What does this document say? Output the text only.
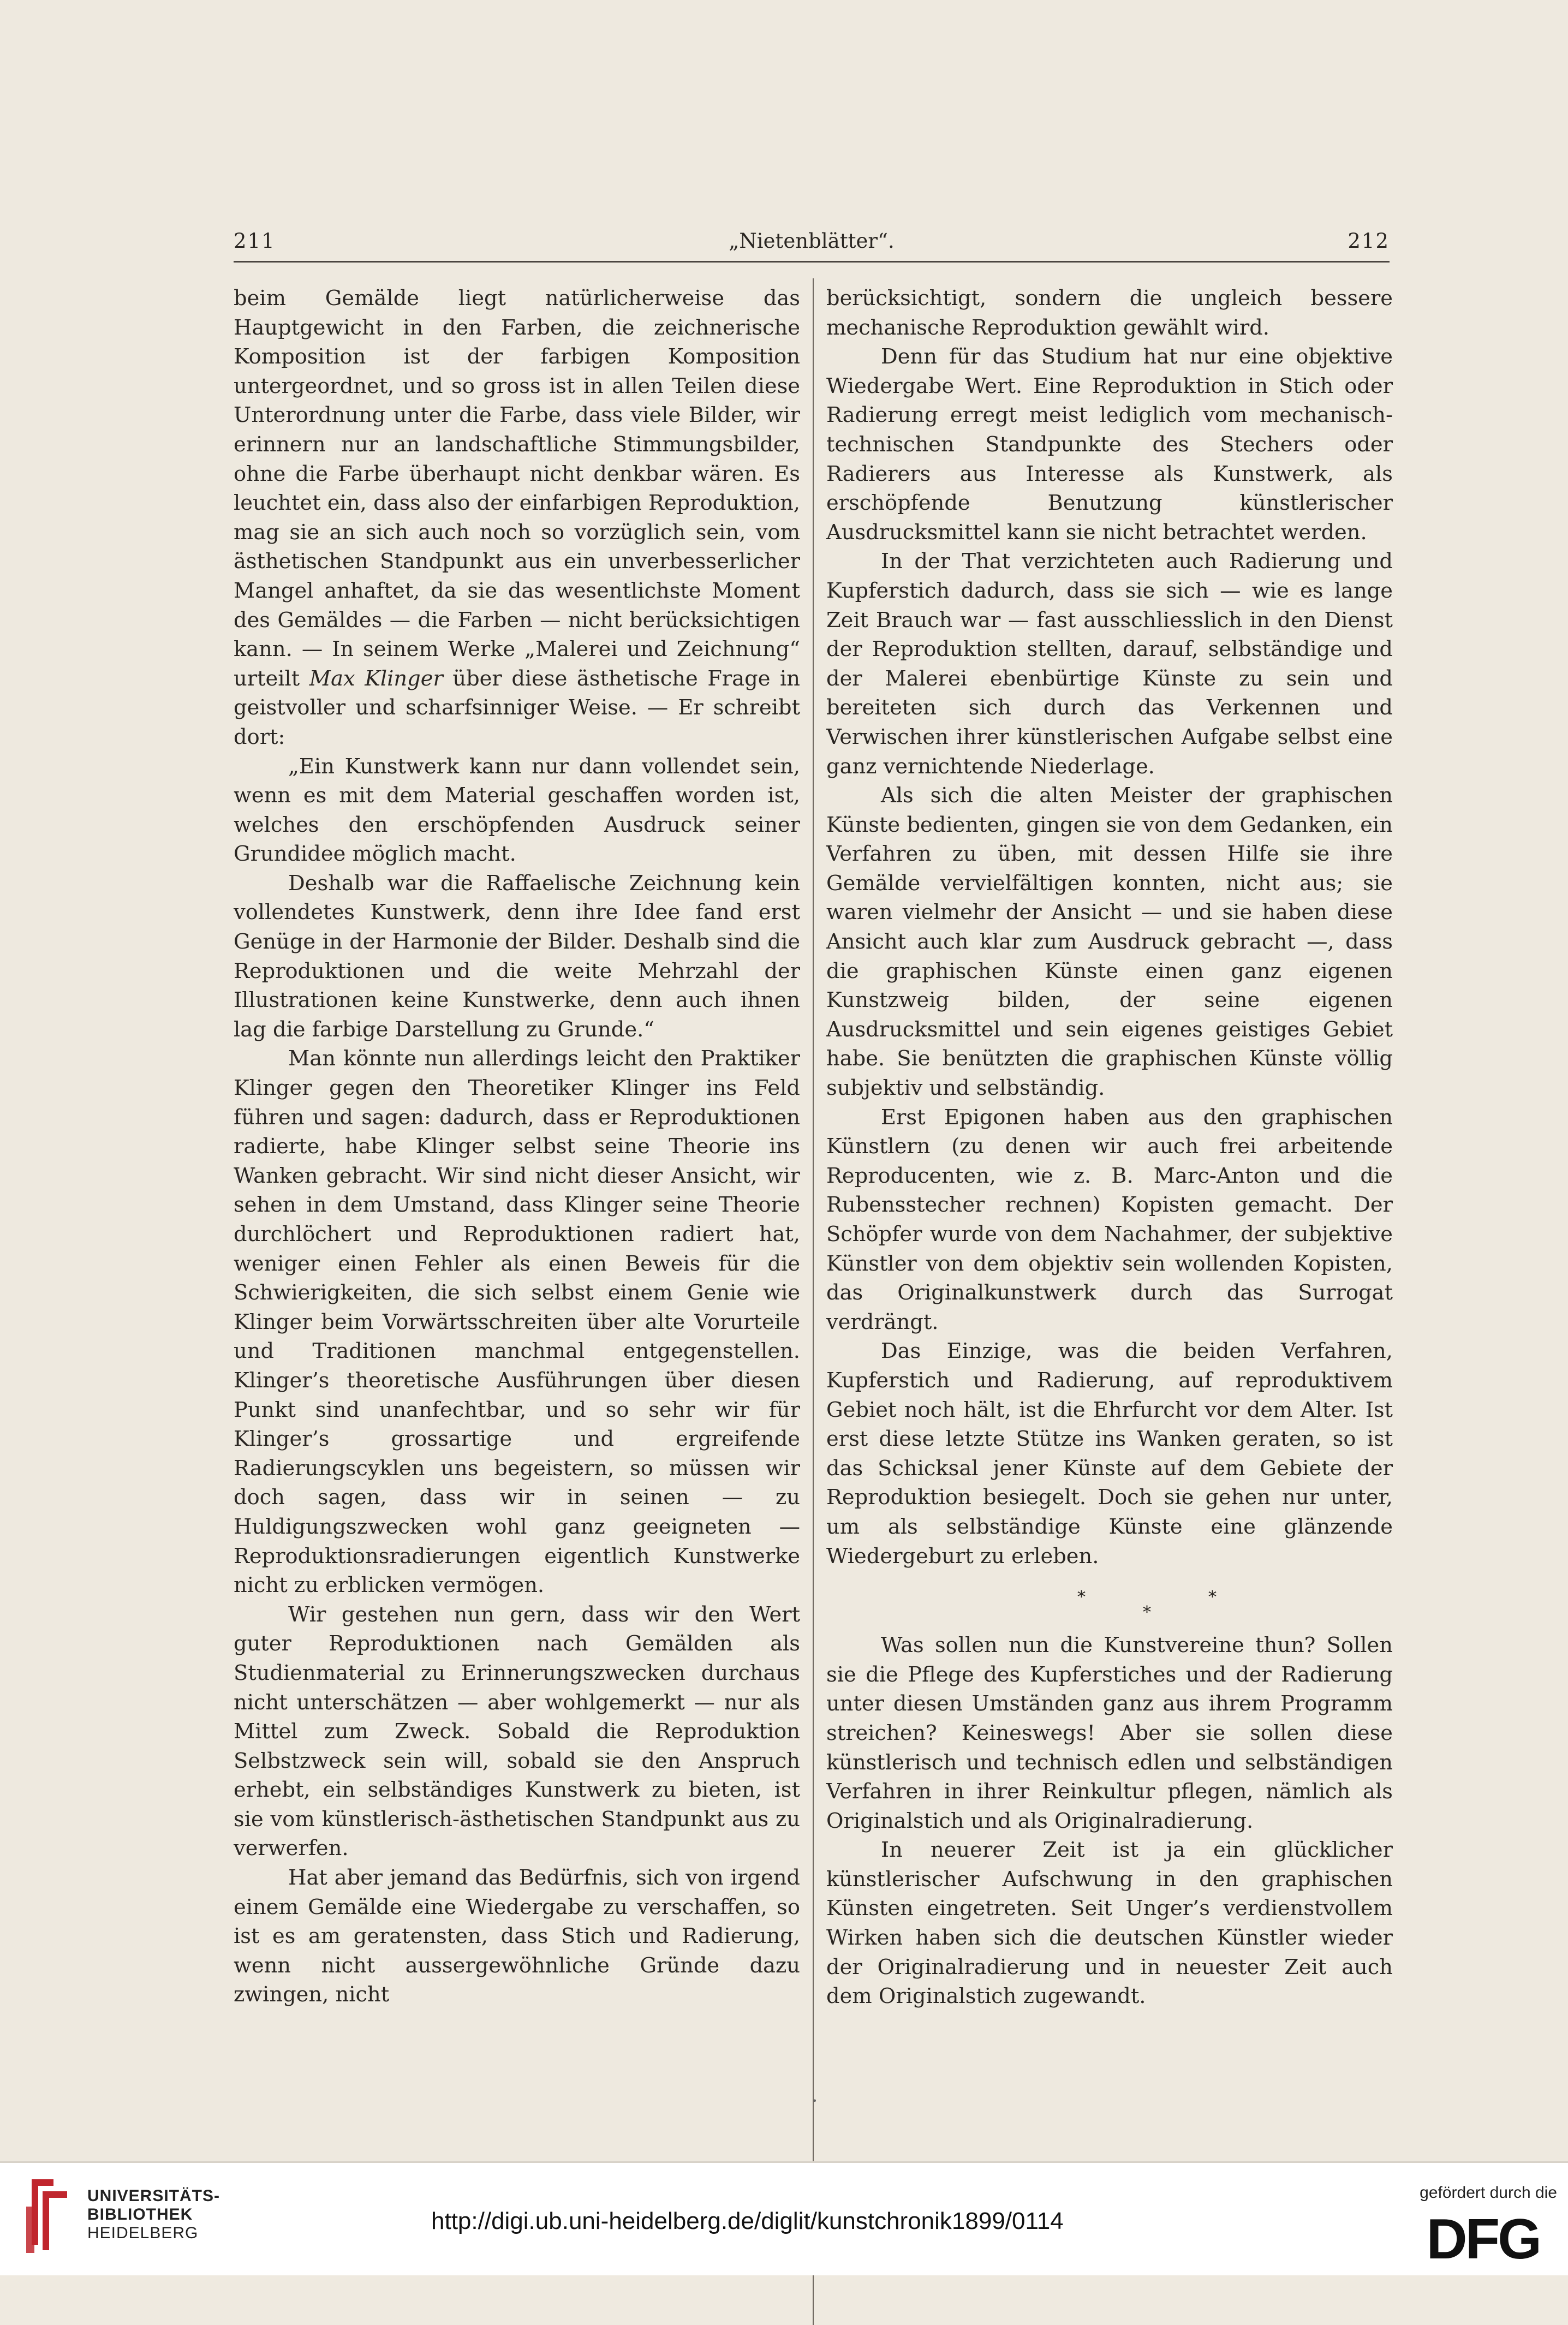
211	„Nietenblätter“.	212

beim Gemälde liegt natürlicherweise das Hauptgewicht in den Farben, die zeichnerische Komposition ist der farbigen Komposition untergeordnet, und so gross ist in allen Teilen diese Unterordnung unter die Farbe, dass viele Bilder, wir erinnern nur an landschaftliche Stimmungsbilder, ohne die Farbe überhaupt nicht denkbar wären. Es leuchtet ein, dass also der einfarbigen Reproduktion, mag sie an sich auch noch so vorzüglich sein, vom ästhetischen Standpunkt aus ein unverbesserlicher Mangel anhaftet, da sie das wesentlichste Moment des Gemäldes — die Farben — nicht berücksichtigen kann. — In seinem Werke „Malerei und Zeichnung“ urteilt Max Klinger über diese ästhetische Frage in geistvoller und scharfsinniger Weise. — Er schreibt dort:

„Ein Kunstwerk kann nur dann vollendet sein, wenn es mit dem Material geschaffen worden ist, welches den erschöpfenden Ausdruck seiner Grundidee möglich macht.

Deshalb war die Raffaelische Zeichnung kein vollendetes Kunstwerk, denn ihre Idee fand erst Genüge in der Harmonie der Bilder. Deshalb sind die Reproduktionen und die weite Mehrzahl der Illustrationen keine Kunstwerke, denn auch ihnen lag die farbige Darstellung zu Grunde.“

Man könnte nun allerdings leicht den Praktiker Klinger gegen den Theoretiker Klinger ins Feld führen und sagen: dadurch, dass er Reproduktionen radierte, habe Klinger selbst seine Theorie ins Wanken gebracht. Wir sind nicht dieser Ansicht, wir sehen in dem Umstand, dass Klinger seine Theorie durchlöchert und Reproduktionen radiert hat, weniger einen Fehler als einen Beweis für die Schwierigkeiten, die sich selbst einem Genie wie Klinger beim Vorwärtsschreiten über alte Vorurteile und Traditionen manchmal entgegenstellen. Klinger’s theoretische Ausführungen über diesen Punkt sind unanfechtbar, und so sehr wir für Klinger’s grossartige und ergreifende Radierungscyklen uns begeistern, so müssen wir doch sagen, dass wir in seinen — zu Huldigungszwecken wohl ganz geeigneten — Reproduktionsradierungen eigentlich Kunstwerke nicht zu erblicken vermögen.

Wir gestehen nun gern, dass wir den Wert guter Reproduktionen nach Gemälden als Studienmaterial zu Erinnerungszwecken durchaus nicht unterschätzen — aber wohlgemerkt — nur als Mittel zum Zweck. Sobald die Reproduktion Selbstzweck sein will, sobald sie den Anspruch erhebt, ein selbständiges Kunstwerk zu bieten, ist sie vom künstlerisch-ästhetischen Standpunkt aus zu verwerfen.

Hat aber jemand das Bedürfnis, sich von irgend einem Gemälde eine Wiedergabe zu verschaffen, so ist es am geratensten, dass Stich und Radierung, wenn nicht aussergewöhnliche Gründe dazu zwingen, nicht

berücksichtigt, sondern die ungleich bessere mechanische Reproduktion gewählt wird.

Denn für das Studium hat nur eine objektive Wiedergabe Wert. Eine Reproduktion in Stich oder Radierung erregt meist lediglich vom mechanisch-technischen Standpunkte des Stechers oder Radierers aus Interesse als Kunstwerk, als erschöpfende Benutzung künstlerischer Ausdrucksmittel kann sie nicht betrachtet werden.

In der That verzichteten auch Radierung und Kupferstich dadurch, dass sie sich — wie es lange Zeit Brauch war — fast ausschliesslich in den Dienst der Reproduktion stellten, darauf, selbständige und der Malerei ebenbürtige Künste zu sein und bereiteten sich durch das Verkennen und Verwischen ihrer künstlerischen Aufgabe selbst eine ganz vernichtende Niederlage.

Als sich die alten Meister der graphischen Künste bedienten, gingen sie von dem Gedanken, ein Verfahren zu üben, mit dessen Hilfe sie ihre Gemälde vervielfältigen konnten, nicht aus; sie waren vielmehr der Ansicht — und sie haben diese Ansicht auch klar zum Ausdruck gebracht —, dass die graphischen Künste einen ganz eigenen Kunstzweig bilden, der seine eigenen Ausdrucksmittel und sein eigenes geistiges Gebiet habe. Sie benützten die graphischen Künste völlig subjektiv und selbständig.

Erst Epigonen haben aus den graphischen Künstlern (zu denen wir auch frei arbeitende Reproducenten, wie z. B. Marc-Anton und die Rubensstecher rechnen) Kopisten gemacht. Der Schöpfer wurde von dem Nachahmer, der subjektive Künstler von dem objektiv sein wollenden Kopisten, das Originalkunstwerk durch das Surrogat verdrängt.

Das Einzige, was die beiden Verfahren, Kupferstich und Radierung, auf reproduktivem Gebiet noch hält, ist die Ehrfurcht vor dem Alter. Ist erst diese letzte Stütze ins Wanken geraten, so ist das Schicksal jener Künste auf dem Gebiete der Reproduktion besiegelt. Doch sie gehen nur unter, um als selbständige Künste eine glänzende Wiedergeburt zu erleben.

*	*
*

Was sollen nun die Kunstvereine thun? Sollen sie die Pflege des Kupferstiches und der Radierung unter diesen Umständen ganz aus ihrem Programm streichen? Keineswegs! Aber sie sollen diese künstlerisch und technisch edlen und selbständigen Verfahren in ihrer Reinkultur pflegen, nämlich als Originalstich und als Originalradierung.

In neuerer Zeit ist ja ein glücklicher künstlerischer Aufschwung in den graphischen Künsten eingetreten. Seit Unger’s verdienstvollem Wirken haben sich die deutschen Künstler wieder der Originalradierung und in neuester Zeit auch dem Originalstich zugewandt.

•
UNIVERSITÄTS-
BIBLIOTHEK
HEIDELBERG	http://digi.ub.uni-heidelberg.de/diglit/kunstchronik1899/0114
gefördert durch die
DFG
